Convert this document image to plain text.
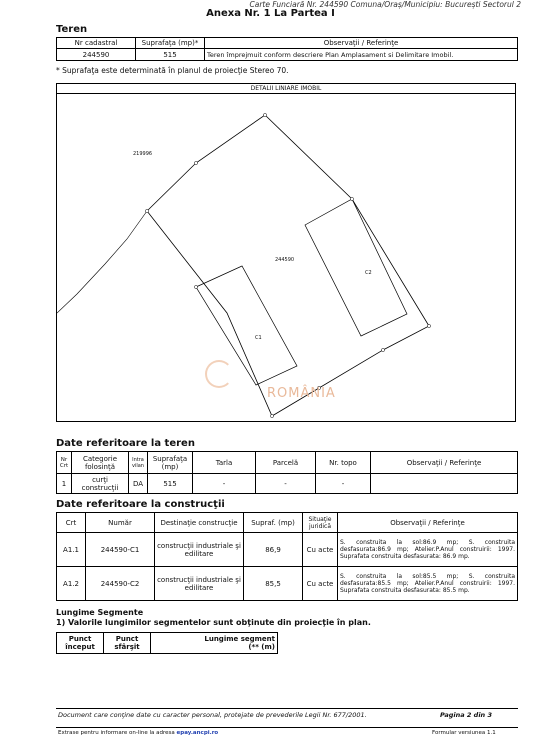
Carte Funciară Nr. 244590 Comuna/Oraș/Municipiu: București Sectorul 2
Anexa Nr. 1 La Partea I
Teren
Nr cadastral	Suprafaţa (mp)*	Observaţii / Referinţe
244590	515	Teren împrejmuit conform descriere Plan Amplasament si Delimitare Imobil.
* Suprafaţa este determinată în planul de proiecţie Stereo 70.
DETALII LINIARE IMOBIL
219996
244590
C1
C2
ROMÂNIA
Date referitoare la teren
Nr Crt	Categorie folosinţă	Intra vilan	Suprafaţa (mp)	Tarla	Parcelă	Nr. topo	Observaţii / Referinţe
1	curţi construcţii	DA	515	-	-	-	
Date referitoare la construcţii
Crt	Număr	Destinaţie construcţie	Supraf. (mp)	Situaţie juridică	Observaţii / Referinţe
A1.1	244590-C1	construcţii industriale şi edilitare	86,9	Cu acte	S. construita la sol:86.9 mp; S. construita desfasurata:86.9 mp; Atelier.P.Anul construirii: 1997. Suprafata construita desfasurata: 86.9 mp.
A1.2	244590-C2	construcţii industriale şi edilitare	85,5	Cu acte	S. construita la sol:85.5 mp; S. construita desfasurata:85.5 mp; Atelier.P.Anul construirii: 1997. Suprafata construita desfasurata: 85.5 mp.
Lungime Segmente
1) Valorile lungimilor segmentelor sunt obţinute din proiecţie în plan.
Punct început	Punct sfârşit	Lungime segment
(** (m)
Document care conţine date cu caracter personal, protejate de prevederile Legii Nr. 677/2001.	Pagina 2 din 3
Extrase pentru informare on-line la adresa epay.ancpi.ro	Formular versiunea 1.1
